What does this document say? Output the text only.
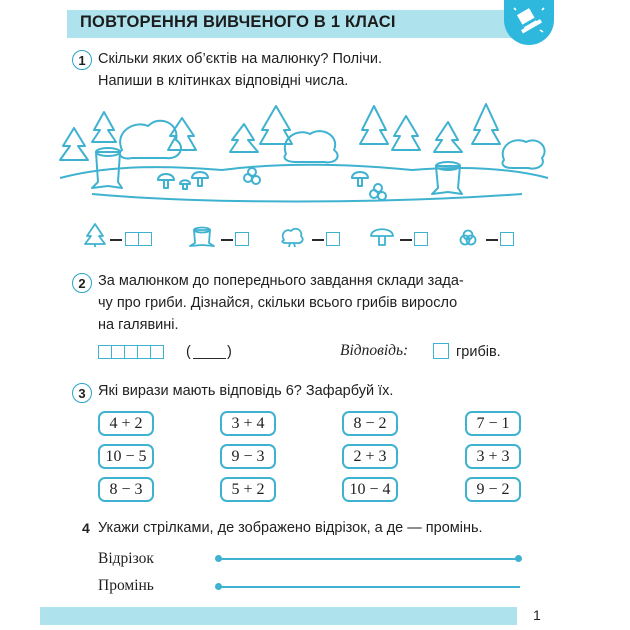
ПОВТОРЕННЯ ВИВЧЕНОГО В 1 КЛАСІ
1 Скільки яких об’єктів на малюнку? Полічи.
Напиши в клітинках відповідні числа.
2 За малюнком до попереднього завдання склади зада-
чу про гриби. Дізнайся, скільки всього грибів виросло
на галявині.
( )	Відповідь:	грибів.
3 Які вирази мають відповідь 6? Зафарбуй їх.
4 + 2	3 + 4	8 − 2	7 − 1
10 − 5	9 − 3	2 + 3	3 + 3
8 − 3	5 + 2	10 − 4	9 − 2
4 Укажи стрілками, де зображено відрізок, а де — промінь.
Відрізок
Промінь
1
